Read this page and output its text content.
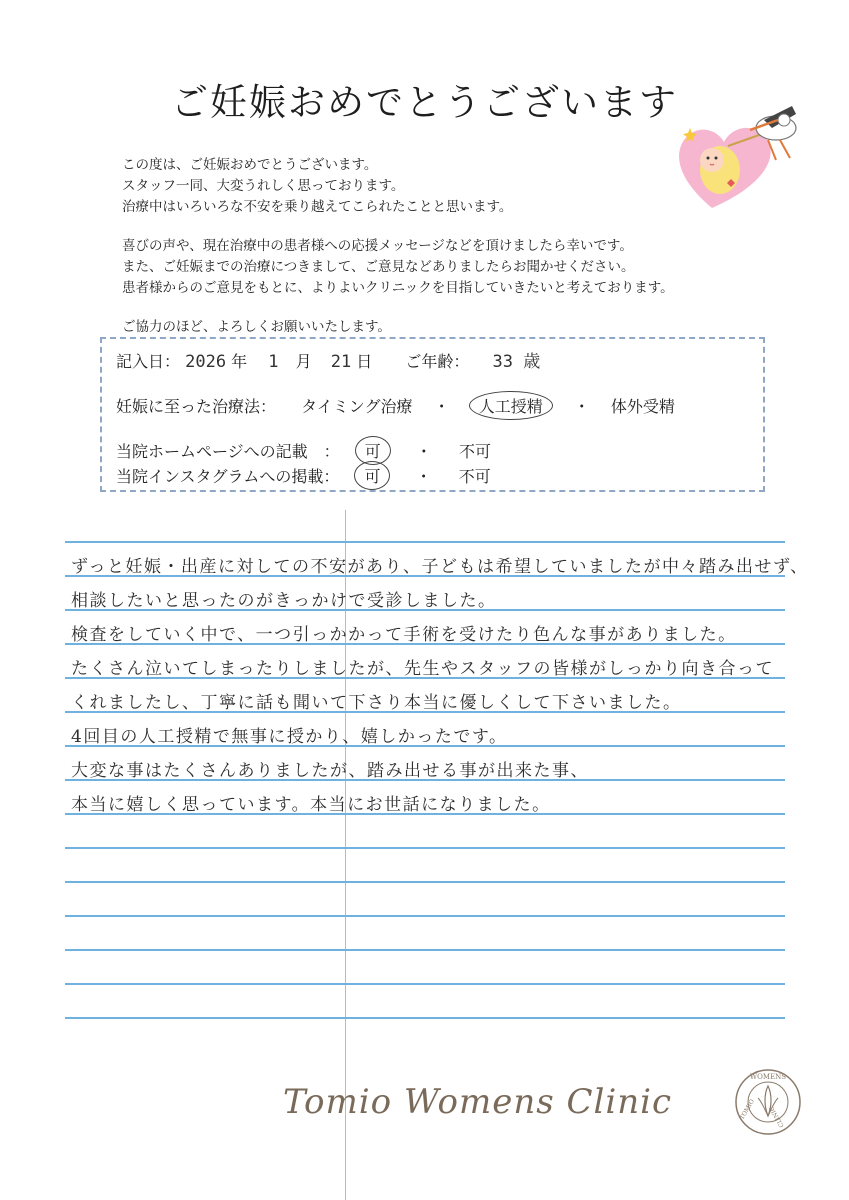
ご妊娠おめでとうございます

この度は、ご妊娠おめでとうございます。

スタッフ一同、大変うれしく思っております。

治療中はいろいろな不安を乗り越えてこられたことと思います。

喜びの声や、現在治療中の患者様への応援メッセージなどを頂けましたら幸いです。

また、ご妊娠までの治療につきまして、ご意見などありましたらお聞かせください。

患者様からのご意見をもとに、よりよいクリニックを目指していきたいと考えております。

ご協力のほど、よろしくお願いいたします。

記入日： 2026 年 1 月 21 日 ご年齢： 33 歳
妊娠に至った治療法： タイミング治療 ・ 人工授精 ・ 体外受精
当院ホームページへの記載　： 可 ・ 不可
当院インスタグラムへの掲載： 可 ・ 不可
ずっと妊娠・出産に対しての不安があり、子どもは希望していましたが中々踏み出せず、
相談したいと思ったのがきっかけで受診しました。
検査をしていく中で、一つ引っかかって手術を受けたり色んな事がありました。
たくさん泣いてしまったりしましたが、先生やスタッフの皆様がしっかり向き合って
くれましたし、丁寧に話も聞いて下さり本当に優しくして下さいました。
4回目の人工授精で無事に授かり、嬉しかったです。
大変な事はたくさんありましたが、踏み出せる事が出来た事、
本当に嬉しく思っています。本当にお世話になりました。
Tomio Womens Clinic
WOMENS
TOMIO CLINIC
